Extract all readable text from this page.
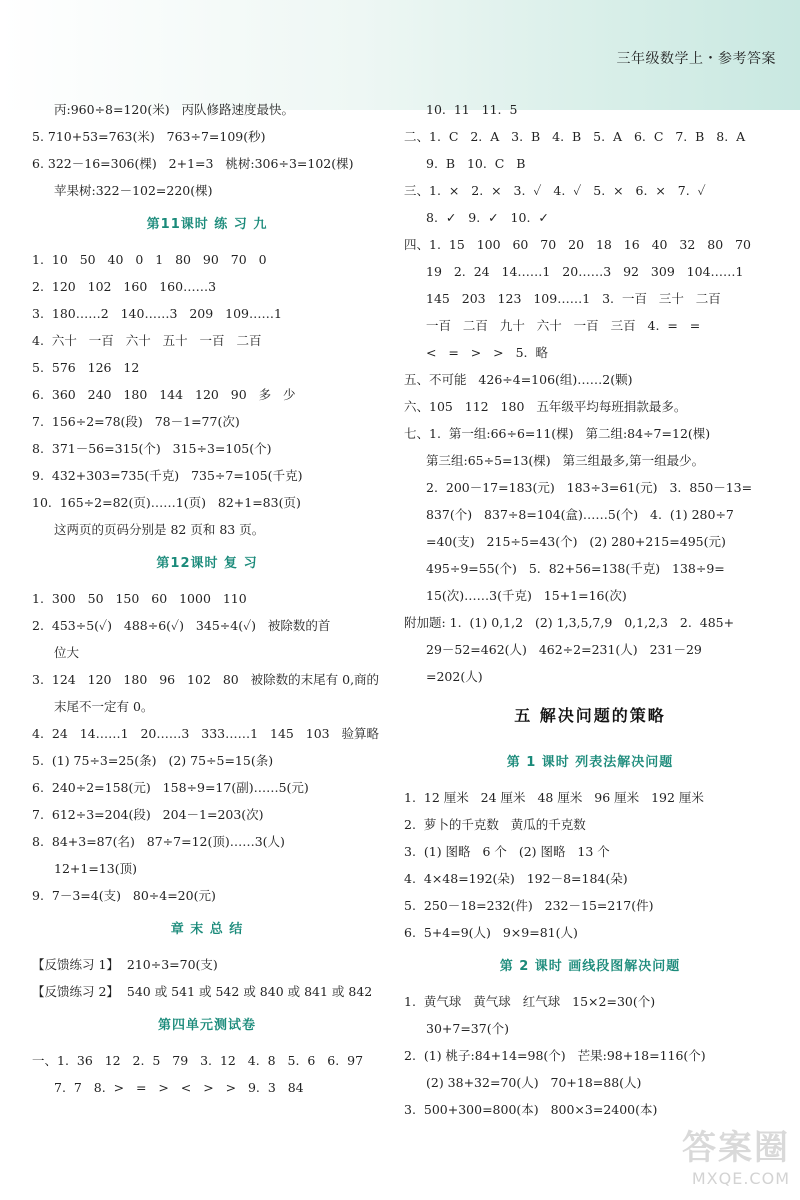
三年级数学上・参考答案
丙:960÷8=120(米)   丙队修路速度最快。
5. 710+53=763(米)   763÷7=109(秒)
6. 322－16=306(棵)   2+1=3   桃树:306÷3=102(棵)
苹果树:322－102=220(棵)
第11课时 练 习 九
1.  10   50   40   0   1   80   90   70   0
2.  120   102   160   160……3
3.  180……2   140……3   209   109……1
4.  六十   一百   六十   五十   一百   二百
5.  576   126   12
6.  360   240   180   144   120   90   多   少
7.  156÷2=78(段)   78－1=77(次)
8.  371－56=315(个)   315÷3=105(个)
9.  432+303=735(千克)   735÷7=105(千克)
10.  165÷2=82(页)……1(页)   82+1=83(页)
这两页的页码分别是 82 页和 83 页。
第12课时 复 习
1.  300   50   150   60   1000   110
2.  453÷5(✓)   488÷6(✓)   345÷4(✓)   被除数的首
位大
3.  124   120   180   96   102   80   被除数的末尾有 0,商的
末尾不一定有 0。
4.  24   14……1   20……3   333……1   145   103   验算略
5.  (1) 75÷3=25(条)   (2) 75÷5=15(条)
6.  240÷2=158(元)   158÷9=17(副)……5(元)
7.  612÷3=204(段)   204－1=203(次)
8.  84+3=87(名)   87÷7=12(顶)……3(人)
12+1=13(顶)
9.  7－3=4(支)   80÷4=20(元)
章 末 总 结
【反馈练习 1】  210÷3=70(支)
【反馈练习 2】  540 或 541 或 542 或 840 或 841 或 842
第四单元测试卷
一、1.  36   12   2.  5   79   3.  12   4.  8   5.  6   6.  97
7.  7   8.  >   =   >   <   >   >   9.  3   84
10.  11   11.  5
二、1.  C   2.  A   3.  B   4.  B   5.  A   6.  C   7.  B   8.  A
9.  B   10.  C   B
三、1.  ×   2.  ×   3.  ✓   4.  ✓   5.  ×   6.  ×   7.  ✓
8.  ✓   9.  ✓   10.  ✓
四、1.  15   100   60   70   20   18   16   40   32   80   70
19   2.  24   14……1   20……3   92   309   104……1
145   203   123   109……1   3.  一百   三十   二百
一百   二百   九十   六十   一百   三百   4.  =   =
<   =   >   >   5.  略
五、不可能   426÷4=106(组)……2(颗)
六、105   112   180   五年级平均每班捐款最多。
七、1.  第一组:66÷6=11(棵)   第二组:84÷7=12(棵)
第三组:65÷5=13(棵)   第三组最多,第一组最少。
2.  200－17=183(元)   183÷3=61(元)   3.  850－13=
837(个)   837÷8=104(盒)……5(个)   4.  (1) 280÷7
=40(支)   215÷5=43(个)   (2) 280+215=495(元)
495÷9=55(个)   5.  82+56=138(千克)   138÷9=
15(次)……3(千克)   15+1=16(次)
附加题: 1.  (1) 0,1,2   (2) 1,3,5,7,9   0,1,2,3   2.  485+
29－52=462(人)   462÷2=231(人)   231－29
=202(人)
五 解决问题的策略
第 1 课时 列表法解决问题
1.  12 厘米   24 厘米   48 厘米   96 厘米   192 厘米
2.  萝卜的千克数   黄瓜的千克数
3.  (1) 图略   6 个   (2) 图略   13 个
4.  4×48=192(朵)   192－8=184(朵)
5.  250－18=232(件)   232－15=217(件)
6.  5+4=9(人)   9×9=81(人)
第 2 课时 画线段图解决问题
1.  黄气球   黄气球   红气球   15×2=30(个)
30+7=37(个)
2.  (1) 桃子:84+14=98(个)   芒果:98+18=116(个)
(2) 38+32=70(人)   70+18=88(人)
3.  500+300=800(本)   800×3=2400(本)
答案圈
MXQE.COM
